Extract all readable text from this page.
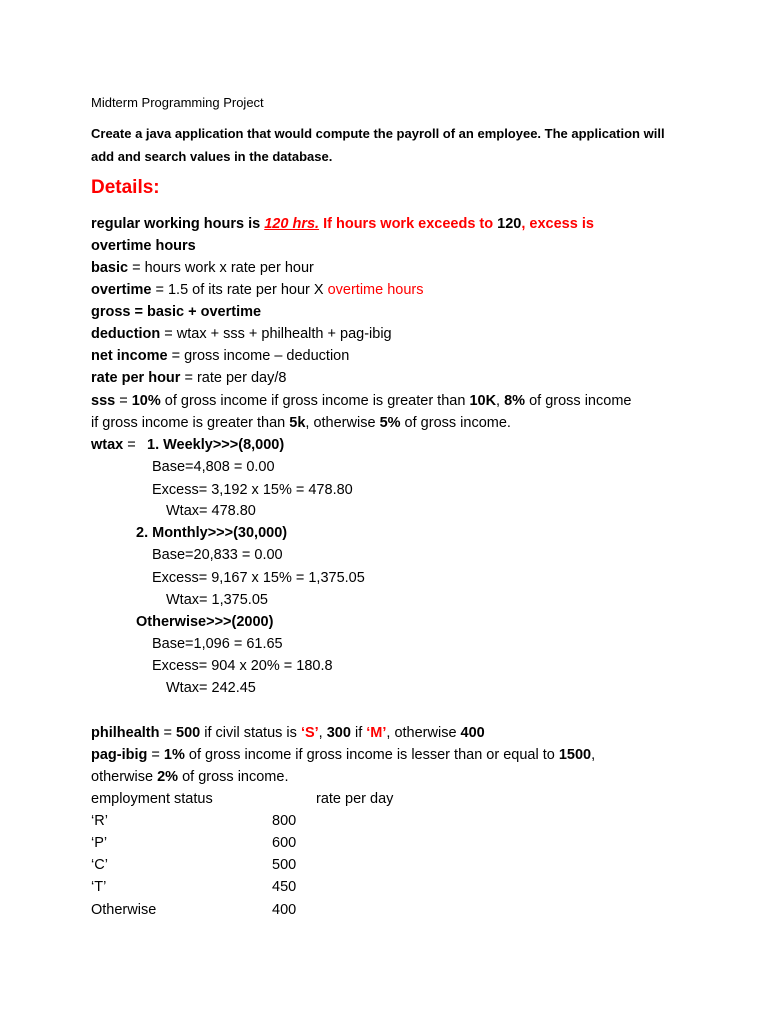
Midterm Programming Project
Create a java application that would compute the payroll of an employee. The application will
add and search values in the database.
Details:
regular working hours is 120 hrs. If hours work exceeds to 120, excess is
overtime hours
basic = hours work x rate per hour
overtime = 1.5 of its rate per hour X overtime hours
gross = basic + overtime
deduction = wtax + sss + philhealth + pag-ibig
net income = gross income – deduction
rate per hour = rate per day/8
sss = 10% of gross income if gross income is greater than 10K, 8% of gross income
if gross income is greater than 5k, otherwise 5% of gross income.
wtax = 1. Weekly>>>(8,000)
Base=4,808 = 0.00
Excess= 3,192 x 15% = 478.80
Wtax= 478.80
2. Monthly>>>(30,000)
Base=20,833 = 0.00
Excess= 9,167 x 15% = 1,375.05
Wtax= 1,375.05
Otherwise>>>(2000)
Base=1,096 = 61.65
Excess= 904 x 20% = 180.8
Wtax= 242.45
philhealth = 500 if civil status is ‘S’, 300 if ‘M’, otherwise 400
pag-ibig = 1% of gross income if gross income is lesser than or equal to 1500,
otherwise 2% of gross income.
employment status	rate per day
‘R’	800
‘P’	600
‘C’	500
‘T’	450
Otherwise	400
